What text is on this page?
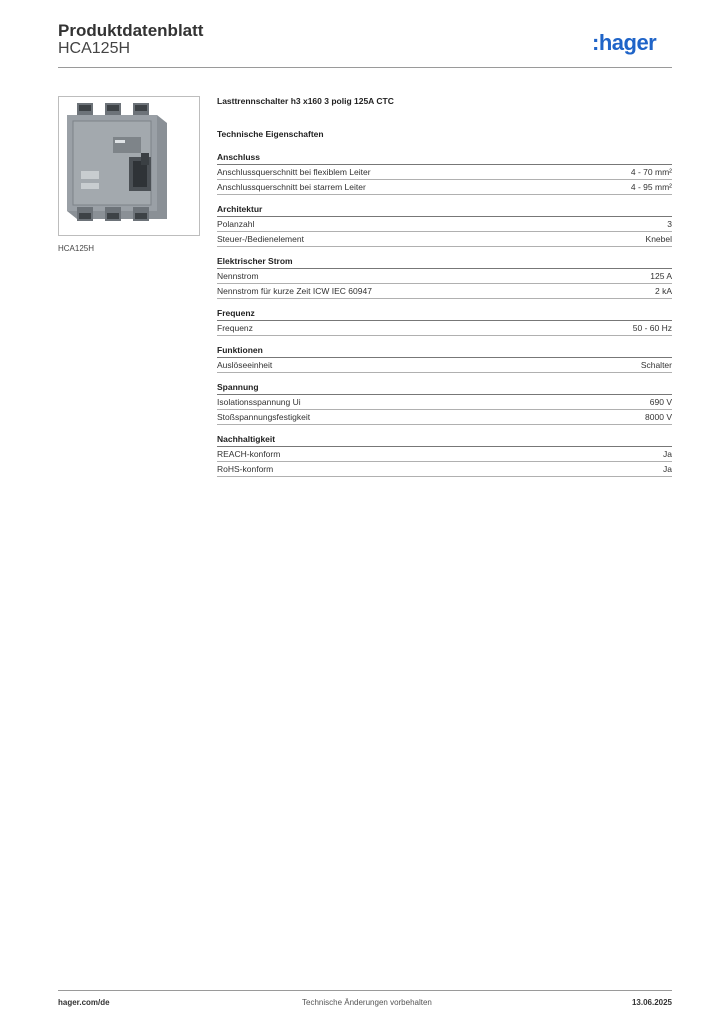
Produktdatenblatt
HCA125H	:hager
HCA125H
Lasttrennschalter h3 x160 3 polig 125A CTC
Technische Eigenschaften
Anschluss
Anschlussquerschnitt bei flexiblem Leiter	4 - 70 mm²
Anschlussquerschnitt bei starrem Leiter	4 - 95 mm²
Architektur
Polanzahl	3
Steuer-/Bedienelement	Knebel
Elektrischer Strom
Nennstrom	125 A
Nennstrom für kurze Zeit ICW IEC 60947	2 kA
Frequenz
Frequenz	50 - 60 Hz
Funktionen
Auslöseeinheit	Schalter
Spannung
Isolationsspannung Ui	690 V
Stoßspannungsfestigkeit	8000 V
Nachhaltigkeit
REACH-konform	Ja
RoHS-konform	Ja
hager.com/de	Technische Änderungen vorbehalten	13.06.2025
